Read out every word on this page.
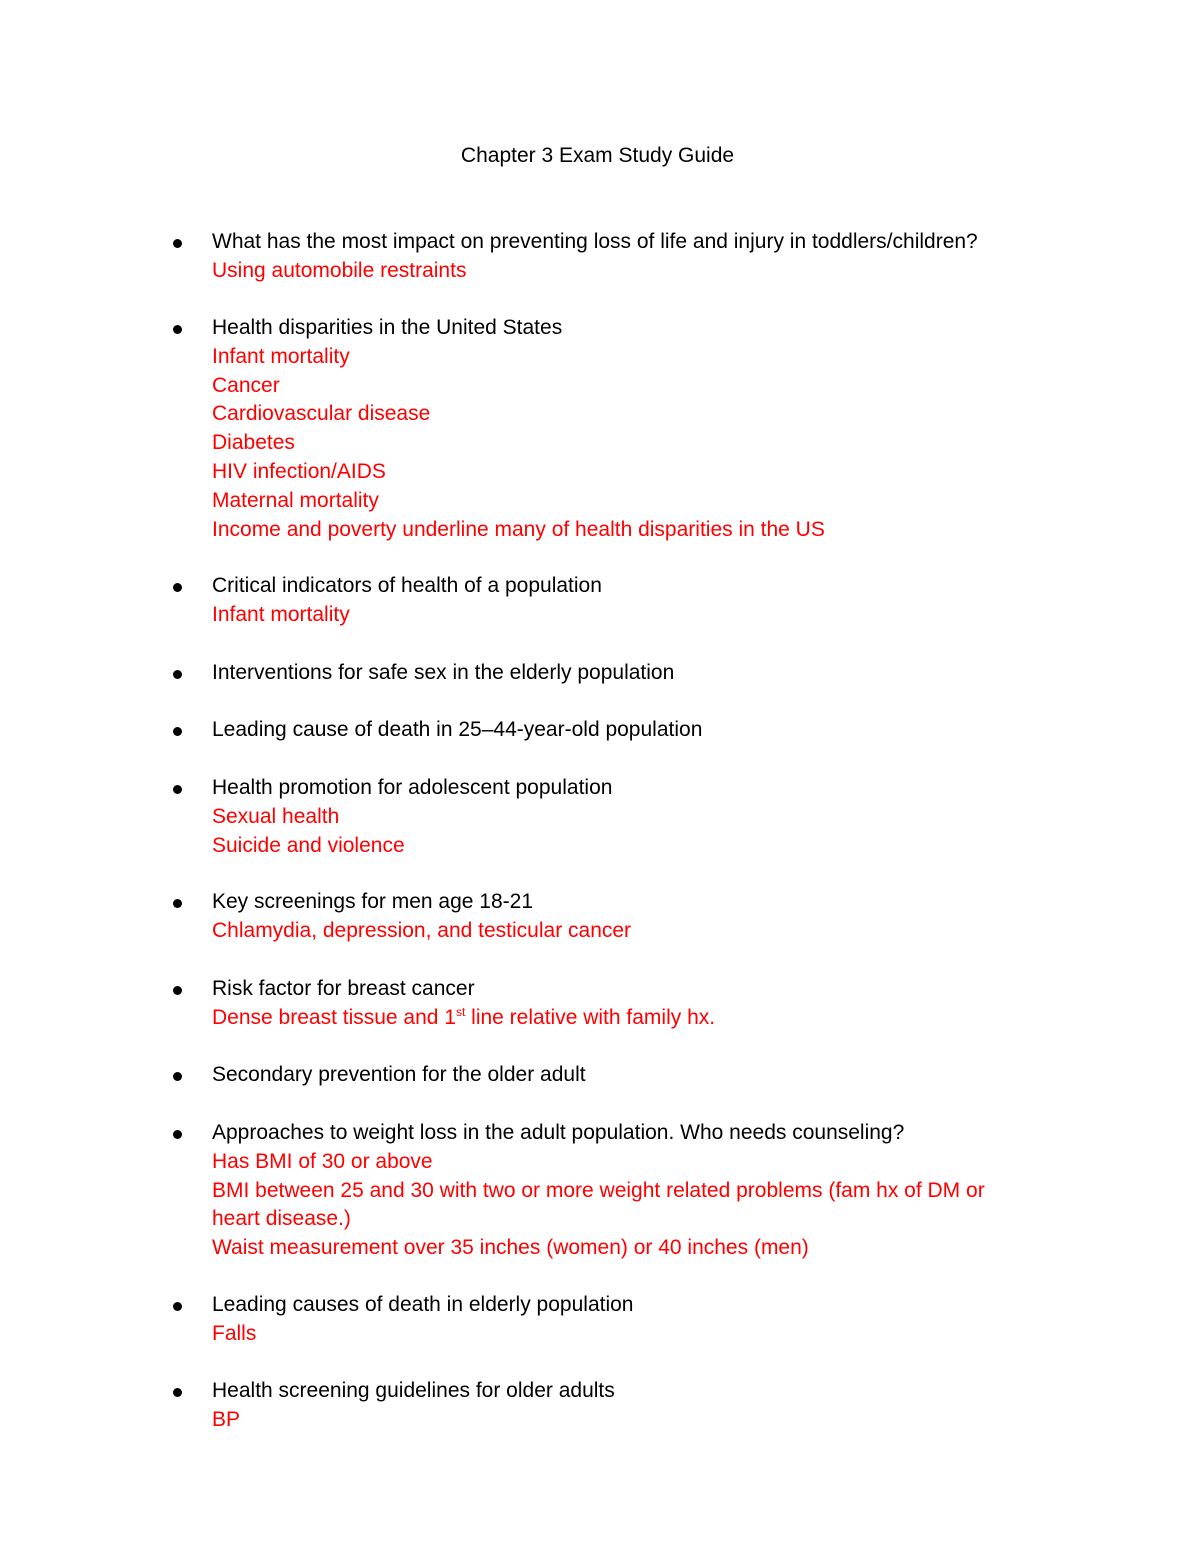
Chapter 3 Exam Study Guide
What has the most impact on preventing loss of life and injury in toddlers/children?
Using automobile restraints
Health disparities in the United States
Infant mortality
Cancer
Cardiovascular disease
Diabetes
HIV infection/AIDS
Maternal mortality
Income and poverty underline many of health disparities in the US
Critical indicators of health of a population
Infant mortality
Interventions for safe sex in the elderly population
Leading cause of death in 25–44-year-old population
Health promotion for adolescent population
Sexual health
Suicide and violence
Key screenings for men age 18-21
Chlamydia, depression, and testicular cancer
Risk factor for breast cancer
Dense breast tissue and 1st line relative with family hx.
Secondary prevention for the older adult
Approaches to weight loss in the adult population. Who needs counseling?
Has BMI of 30 or above
BMI between 25 and 30 with two or more weight related problems (fam hx of DM or heart disease.)
Waist measurement over 35 inches (women) or 40 inches (men)
Leading causes of death in elderly population
Falls
Health screening guidelines for older adults
BP
